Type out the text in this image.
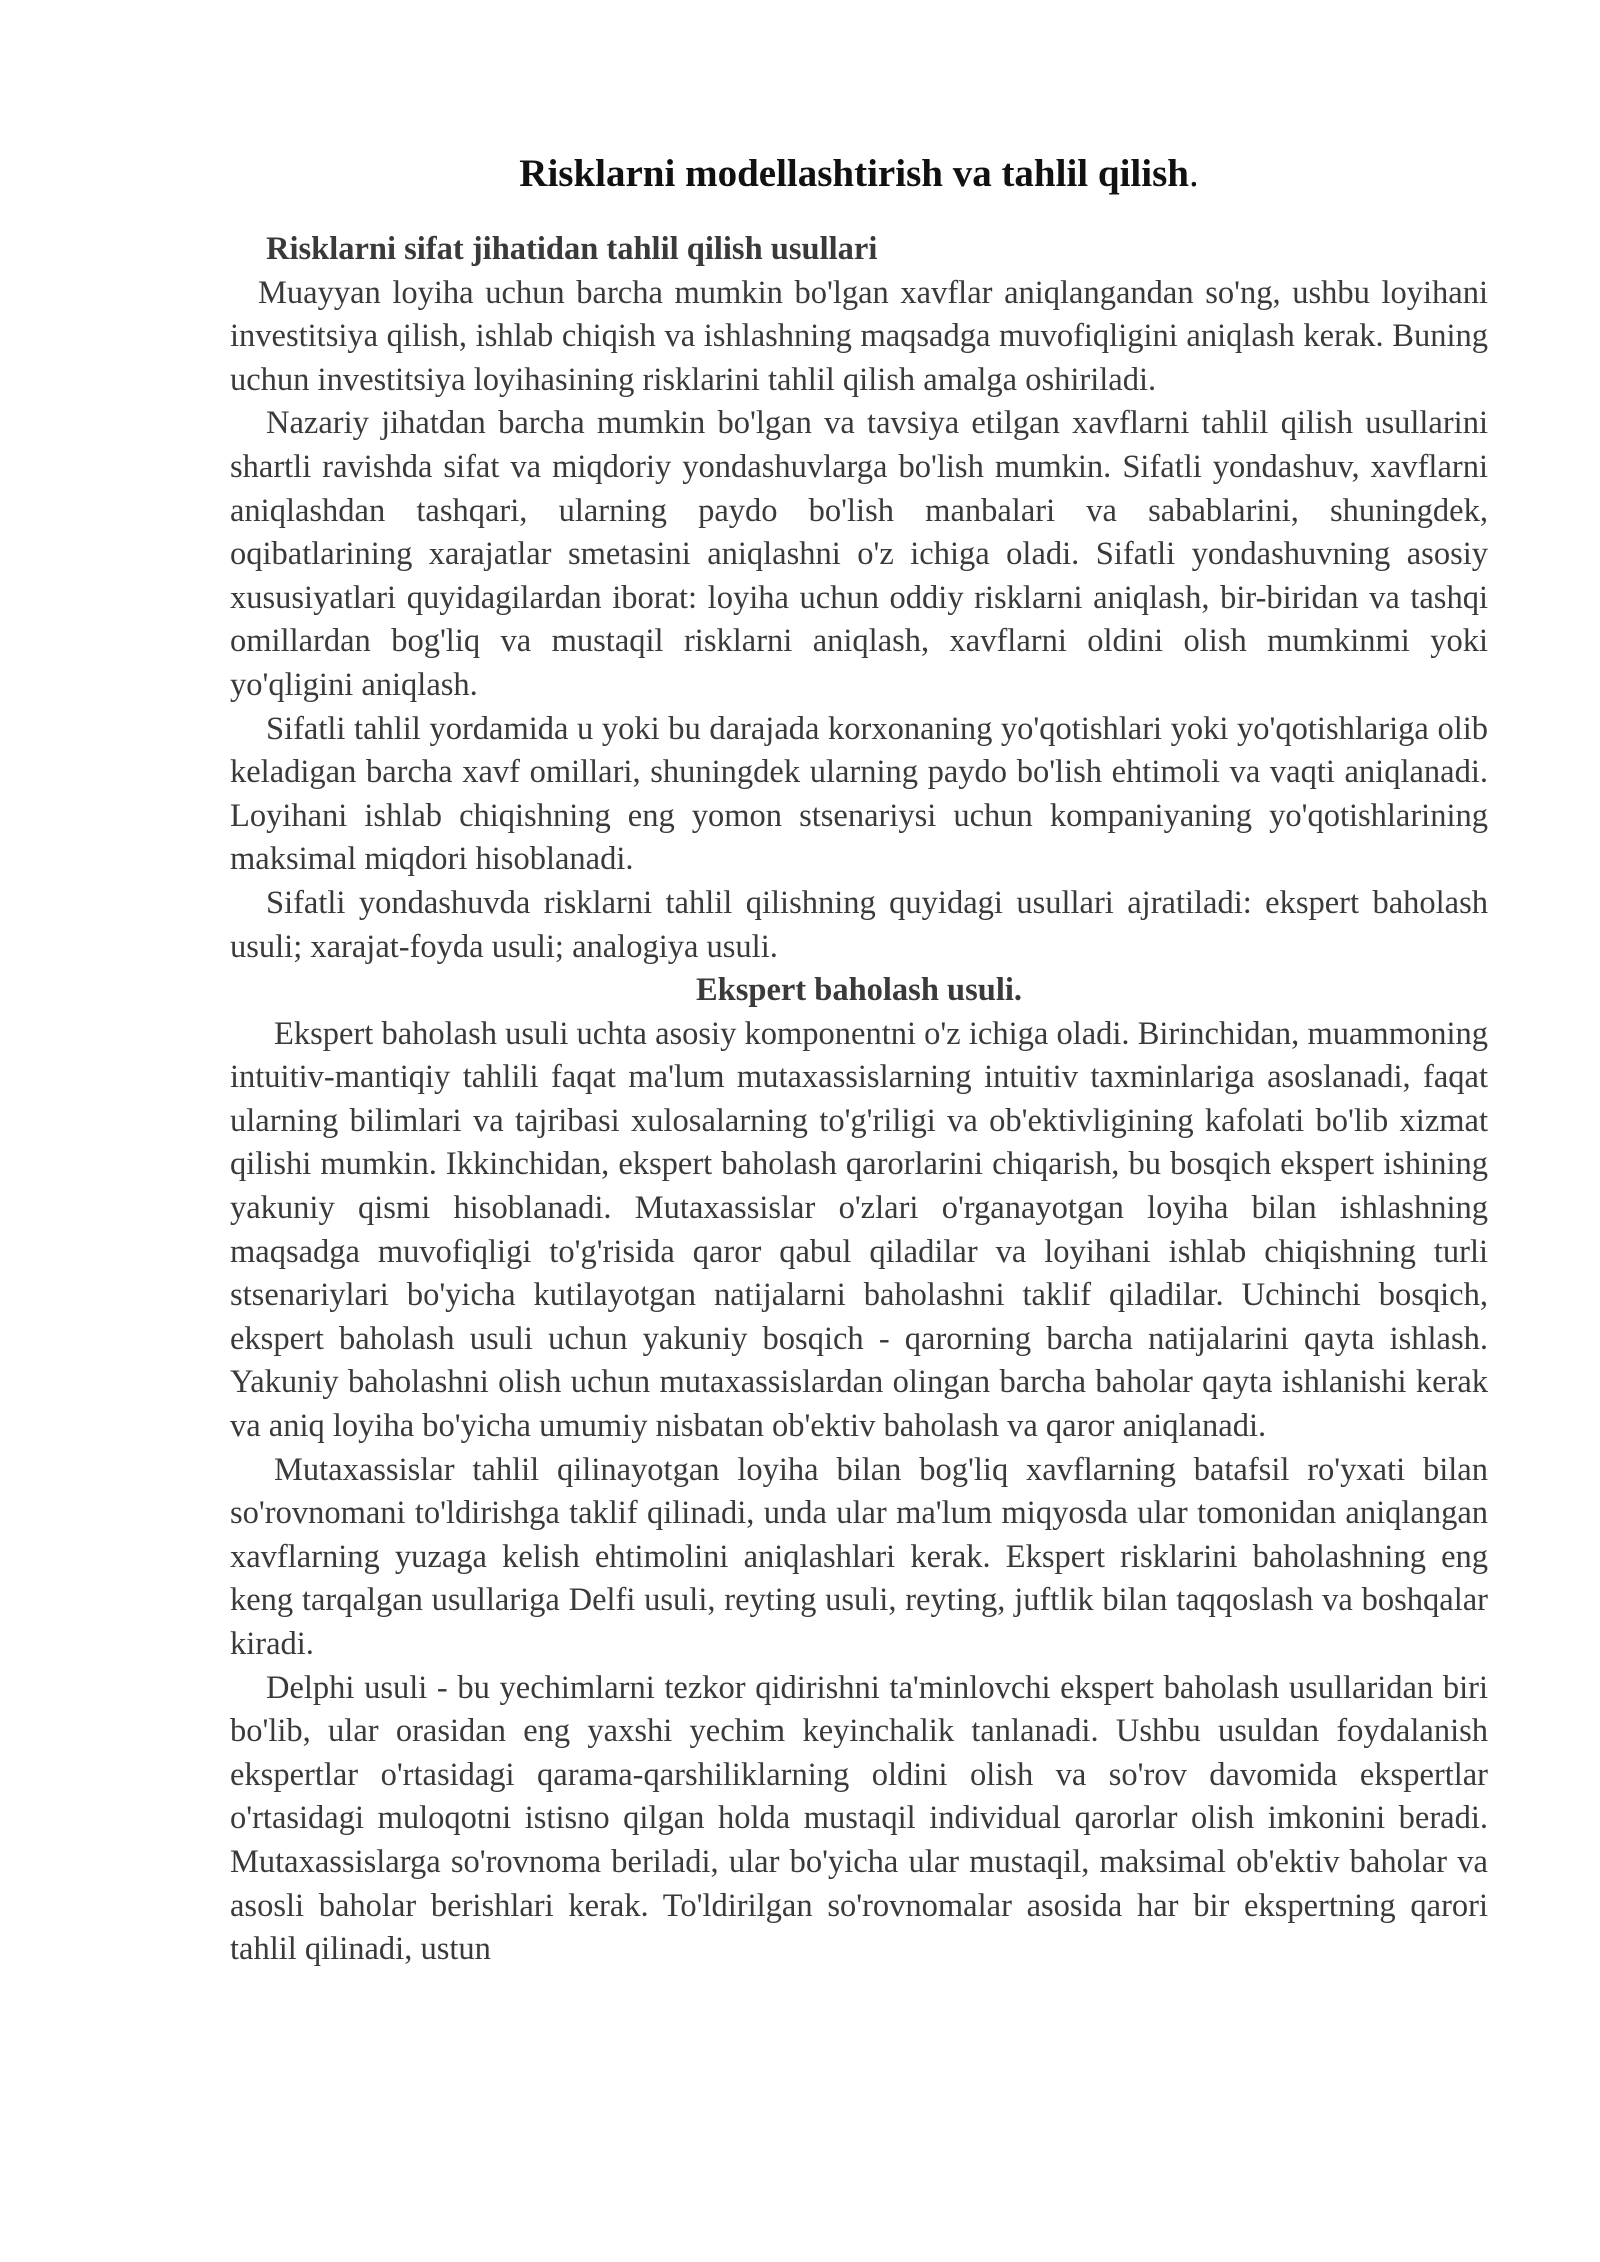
Risklarni modellashtirish va tahlil qilish.

Risklarni sifat jihatidan tahlil qilish usullari

Muayyan loyiha uchun barcha mumkin bo'lgan xavflar aniqlangandan so'ng, ushbu loyihani investitsiya qilish, ishlab chiqish va ishlashning maqsadga muvofiqligini aniqlash kerak. Buning uchun investitsiya loyihasining risklarini tahlil qilish amalga oshiriladi.

Nazariy jihatdan barcha mumkin bo'lgan va tavsiya etilgan xavflarni tahlil qilish usullarini shartli ravishda sifat va miqdoriy yondashuvlarga bo'lish mumkin. Sifatli yondashuv, xavflarni aniqlashdan tashqari, ularning paydo bo'lish manbalari va sabablarini, shuningdek, oqibatlarining xarajatlar smetasini aniqlashni o'z ichiga oladi. Sifatli yondashuvning asosiy xususiyatlari quyidagilardan iborat: loyiha uchun oddiy risklarni aniqlash, bir-biridan va tashqi omillardan bog'liq va mustaqil risklarni aniqlash, xavflarni oldini olish mumkinmi yoki yo'qligini aniqlash.

Sifatli tahlil yordamida u yoki bu darajada korxonaning yo'qotishlari yoki yo'qotishlariga olib keladigan barcha xavf omillari, shuningdek ularning paydo bo'lish ehtimoli va vaqti aniqlanadi. Loyihani ishlab chiqishning eng yomon stsenariysi uchun kompaniyaning yo'qotishlarining maksimal miqdori hisoblanadi.

Sifatli yondashuvda risklarni tahlil qilishning quyidagi usullari ajratiladi: ekspert baholash usuli; xarajat-foyda usuli; analogiya usuli.

Ekspert baholash usuli.

Ekspert baholash usuli uchta asosiy komponentni o'z ichiga oladi. Birinchidan, muammoning intuitiv-mantiqiy tahlili faqat ma'lum mutaxassislarning intuitiv taxminlariga asoslanadi, faqat ularning bilimlari va tajribasi xulosalarning to'g'riligi va ob'ektivligining kafolati bo'lib xizmat qilishi mumkin. Ikkinchidan, ekspert baholash qarorlarini chiqarish, bu bosqich ekspert ishining yakuniy qismi hisoblanadi. Mutaxassislar o'zlari o'rganayotgan loyiha bilan ishlashning maqsadga muvofiqligi to'g'risida qaror qabul qiladilar va loyihani ishlab chiqishning turli stsenariylari bo'yicha kutilayotgan natijalarni baholashni taklif qiladilar. Uchinchi bosqich, ekspert baholash usuli uchun yakuniy bosqich - qarorning barcha natijalarini qayta ishlash. Yakuniy baholashni olish uchun mutaxassislardan olingan barcha baholar qayta ishlanishi kerak va aniq loyiha bo'yicha umumiy nisbatan ob'ektiv baholash va qaror aniqlanadi.

Mutaxassislar tahlil qilinayotgan loyiha bilan bog'liq xavflarning batafsil ro'yxati bilan so'rovnomani to'ldirishga taklif qilinadi, unda ular ma'lum miqyosda ular tomonidan aniqlangan xavflarning yuzaga kelish ehtimolini aniqlashlari kerak. Ekspert risklarini baholashning eng keng tarqalgan usullariga Delfi usuli, reyting usuli, reyting, juftlik bilan taqqoslash va boshqalar kiradi.

Delphi usuli - bu yechimlarni tezkor qidirishni ta'minlovchi ekspert baholash usullaridan biri bo'lib, ular orasidan eng yaxshi yechim keyinchalik tanlanadi. Ushbu usuldan foydalanish ekspertlar o'rtasidagi qarama-qarshiliklarning oldini olish va so'rov davomida ekspertlar o'rtasidagi muloqotni istisno qilgan holda mustaqil individual qarorlar olish imkonini beradi. Mutaxassislarga so'rovnoma beriladi, ular bo'yicha ular mustaqil, maksimal ob'ektiv baholar va asosli baholar berishlari kerak. To'ldirilgan so'rovnomalar asosida har bir ekspertning qarori tahlil qilinadi, ustun
